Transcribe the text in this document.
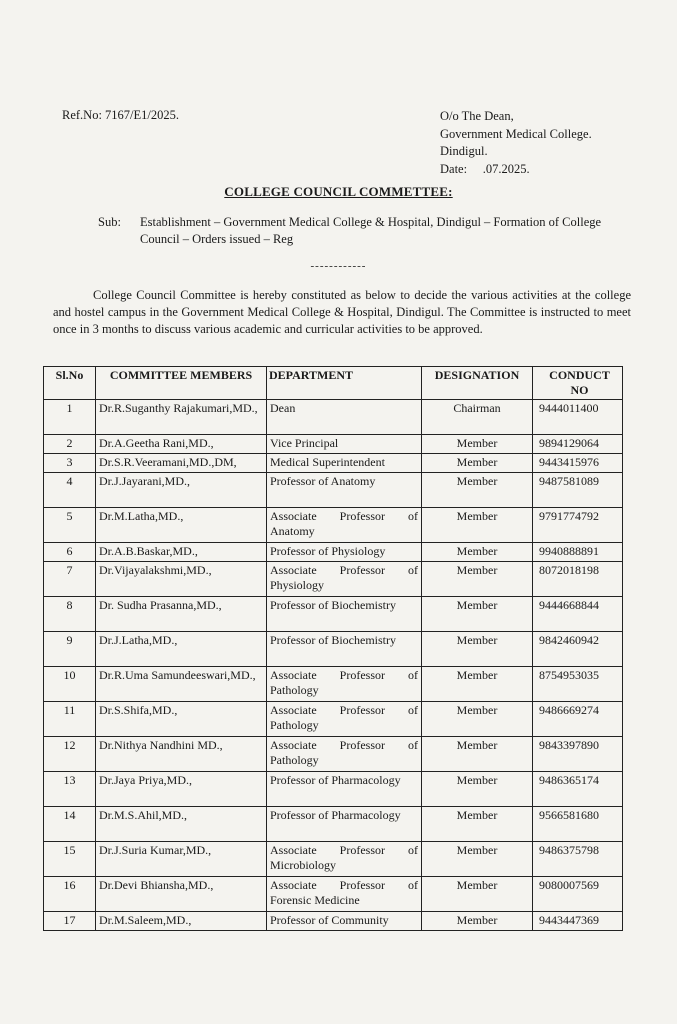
Ref.No: 7167/E1/2025.	O/o The Dean,
Government Medical College.
Dindigul.
Date:     .07.2025.
COLLEGE COUNCIL COMMETTEE:
Sub: Establishment – Government Medical College & Hospital, Dindigul – Formation of College Council – Orders issued – Reg
------------
College Council Committee is hereby constituted as below to decide the various activities at the college and hostel campus in the Government Medical College & Hospital, Dindigul. The Committee is instructed to meet once in 3 months to discuss various academic and curricular activities to be approved.
Sl.No	COMMITTEE MEMBERS	DEPARTMENT	DESIGNATION	CONDUCT NO
1	Dr.R.Suganthy Rajakumari,MD.,	Dean	Chairman	9444011400
2	Dr.A.Geetha Rani,MD.,	Vice Principal	Member	9894129064
3	Dr.S.R.Veeramani,MD.,DM,	Medical Superintendent	Member	9443415976
4	Dr.J.Jayarani,MD.,	Professor of Anatomy	Member	9487581089
5	Dr.M.Latha,MD.,	Associate Professor of Anatomy	Member	9791774792
6	Dr.A.B.Baskar,MD.,	Professor of Physiology	Member	9940888891
7	Dr.Vijayalakshmi,MD.,	Associate Professor of Physiology	Member	8072018198
8	Dr. Sudha Prasanna,MD.,	Professor of Biochemistry	Member	9444668844
9	Dr.J.Latha,MD.,	Professor of Biochemistry	Member	9842460942
10	Dr.R.Uma Samundeeswari,MD.,	Associate Professor of Pathology	Member	8754953035
11	Dr.S.Shifa,MD.,	Associate Professor of Pathology	Member	9486669274
12	Dr.Nithya Nandhini MD.,	Associate Professor of Pathology	Member	9843397890
13	Dr.Jaya Priya,MD.,	Professor of Pharmacology	Member	9486365174
14	Dr.M.S.Ahil,MD.,	Professor of Pharmacology	Member	9566581680
15	Dr.J.Suria Kumar,MD.,	Associate Professor of Microbiology	Member	9486375798
16	Dr.Devi Bhiansha,MD.,	Associate Professor of Forensic Medicine	Member	9080007569
17	Dr.M.Saleem,MD.,	Professor of Community	Member	9443447369
